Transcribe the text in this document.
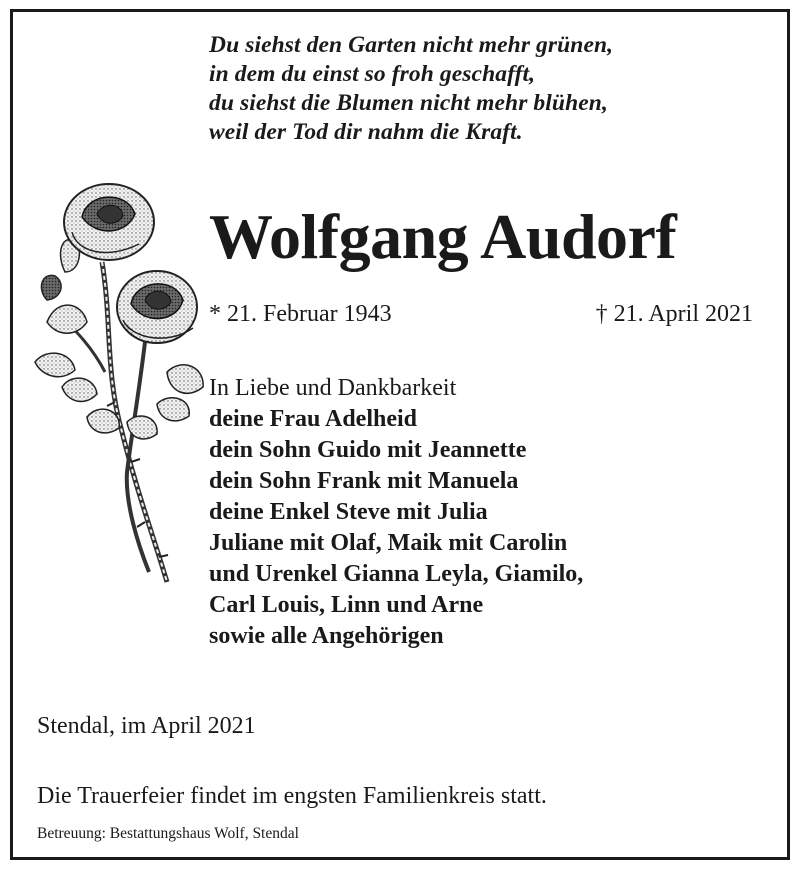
Du siehst den Garten nicht mehr grünen,
in dem du einst so froh geschafft,
du siehst die Blumen nicht mehr blühen,
weil der Tod dir nahm die Kraft.
Wolfgang Audorf
* 21. Februar 1943	† 21. April 2021
In Liebe und Dankbarkeit
deine Frau Adelheid
dein Sohn Guido mit Jeannette
dein Sohn Frank mit Manuela
deine Enkel Steve mit Julia
Juliane mit Olaf, Maik mit Carolin
und Urenkel Gianna Leyla, Giamilo,
Carl Louis, Linn und Arne
sowie alle Angehörigen
Stendal, im April 2021
Die Trauerfeier findet im engsten Familienkreis statt.
Betreuung: Bestattungshaus Wolf, Stendal
